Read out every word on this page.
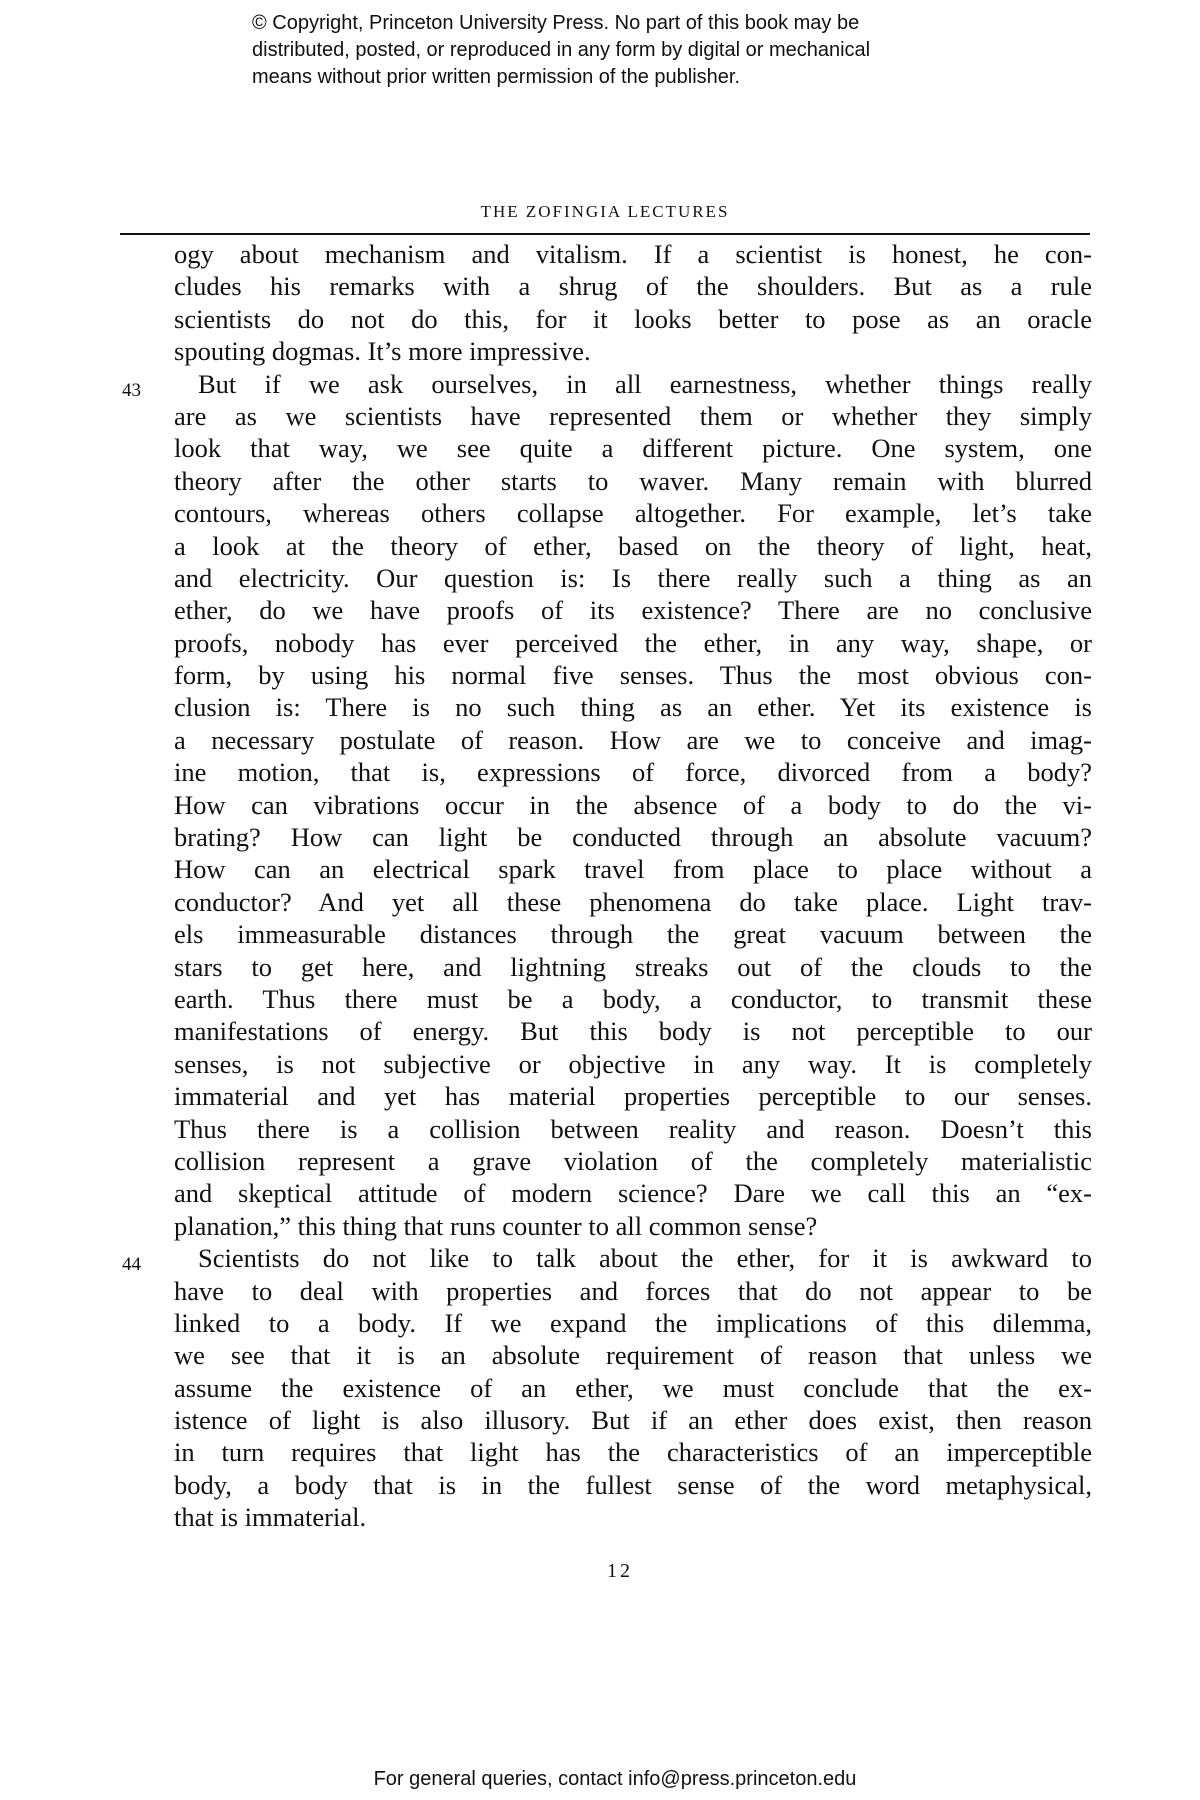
© Copyright, Princeton University Press. No part of this book may be
distributed, posted, or reproduced in any form by digital or mechanical
means without prior written permission of the publisher.
THE ZOFINGIA LECTURES
43
44
ogy about mechanism and vitalism. If a scientist is honest, he con-
cludes his remarks with a shrug of the shoulders. But as a rule
scientists do not do this, for it looks better to pose as an oracle
spouting dogmas. It’s more impressive.
But if we ask ourselves, in all earnestness, whether things really
are as we scientists have represented them or whether they simply
look that way, we see quite a different picture. One system, one
theory after the other starts to waver. Many remain with blurred
contours, whereas others collapse altogether. For example, let’s take
a look at the theory of ether, based on the theory of light, heat,
and electricity. Our question is: Is there really such a thing as an
ether, do we have proofs of its existence? There are no conclusive
proofs, nobody has ever perceived the ether, in any way, shape, or
form, by using his normal five senses. Thus the most obvious con-
clusion is: There is no such thing as an ether. Yet its existence is
a necessary postulate of reason. How are we to conceive and imag-
ine motion, that is, expressions of force, divorced from a body?
How can vibrations occur in the absence of a body to do the vi-
brating? How can light be conducted through an absolute vacuum?
How can an electrical spark travel from place to place without a
conductor? And yet all these phenomena do take place. Light trav-
els immeasurable distances through the great vacuum between the
stars to get here, and lightning streaks out of the clouds to the
earth. Thus there must be a body, a conductor, to transmit these
manifestations of energy. But this body is not perceptible to our
senses, is not subjective or objective in any way. It is completely
immaterial and yet has material properties perceptible to our senses.
Thus there is a collision between reality and reason. Doesn’t this
collision represent a grave violation of the completely materialistic
and skeptical attitude of modern science? Dare we call this an “ex-
planation,” this thing that runs counter to all common sense?
Scientists do not like to talk about the ether, for it is awkward to
have to deal with properties and forces that do not appear to be
linked to a body. If we expand the implications of this dilemma,
we see that it is an absolute requirement of reason that unless we
assume the existence of an ether, we must conclude that the ex-
istence of light is also illusory. But if an ether does exist, then reason
in turn requires that light has the characteristics of an imperceptible
body, a body that is in the fullest sense of the word metaphysical,
that is immaterial.
12
For general queries, contact info@press.princeton.edu
